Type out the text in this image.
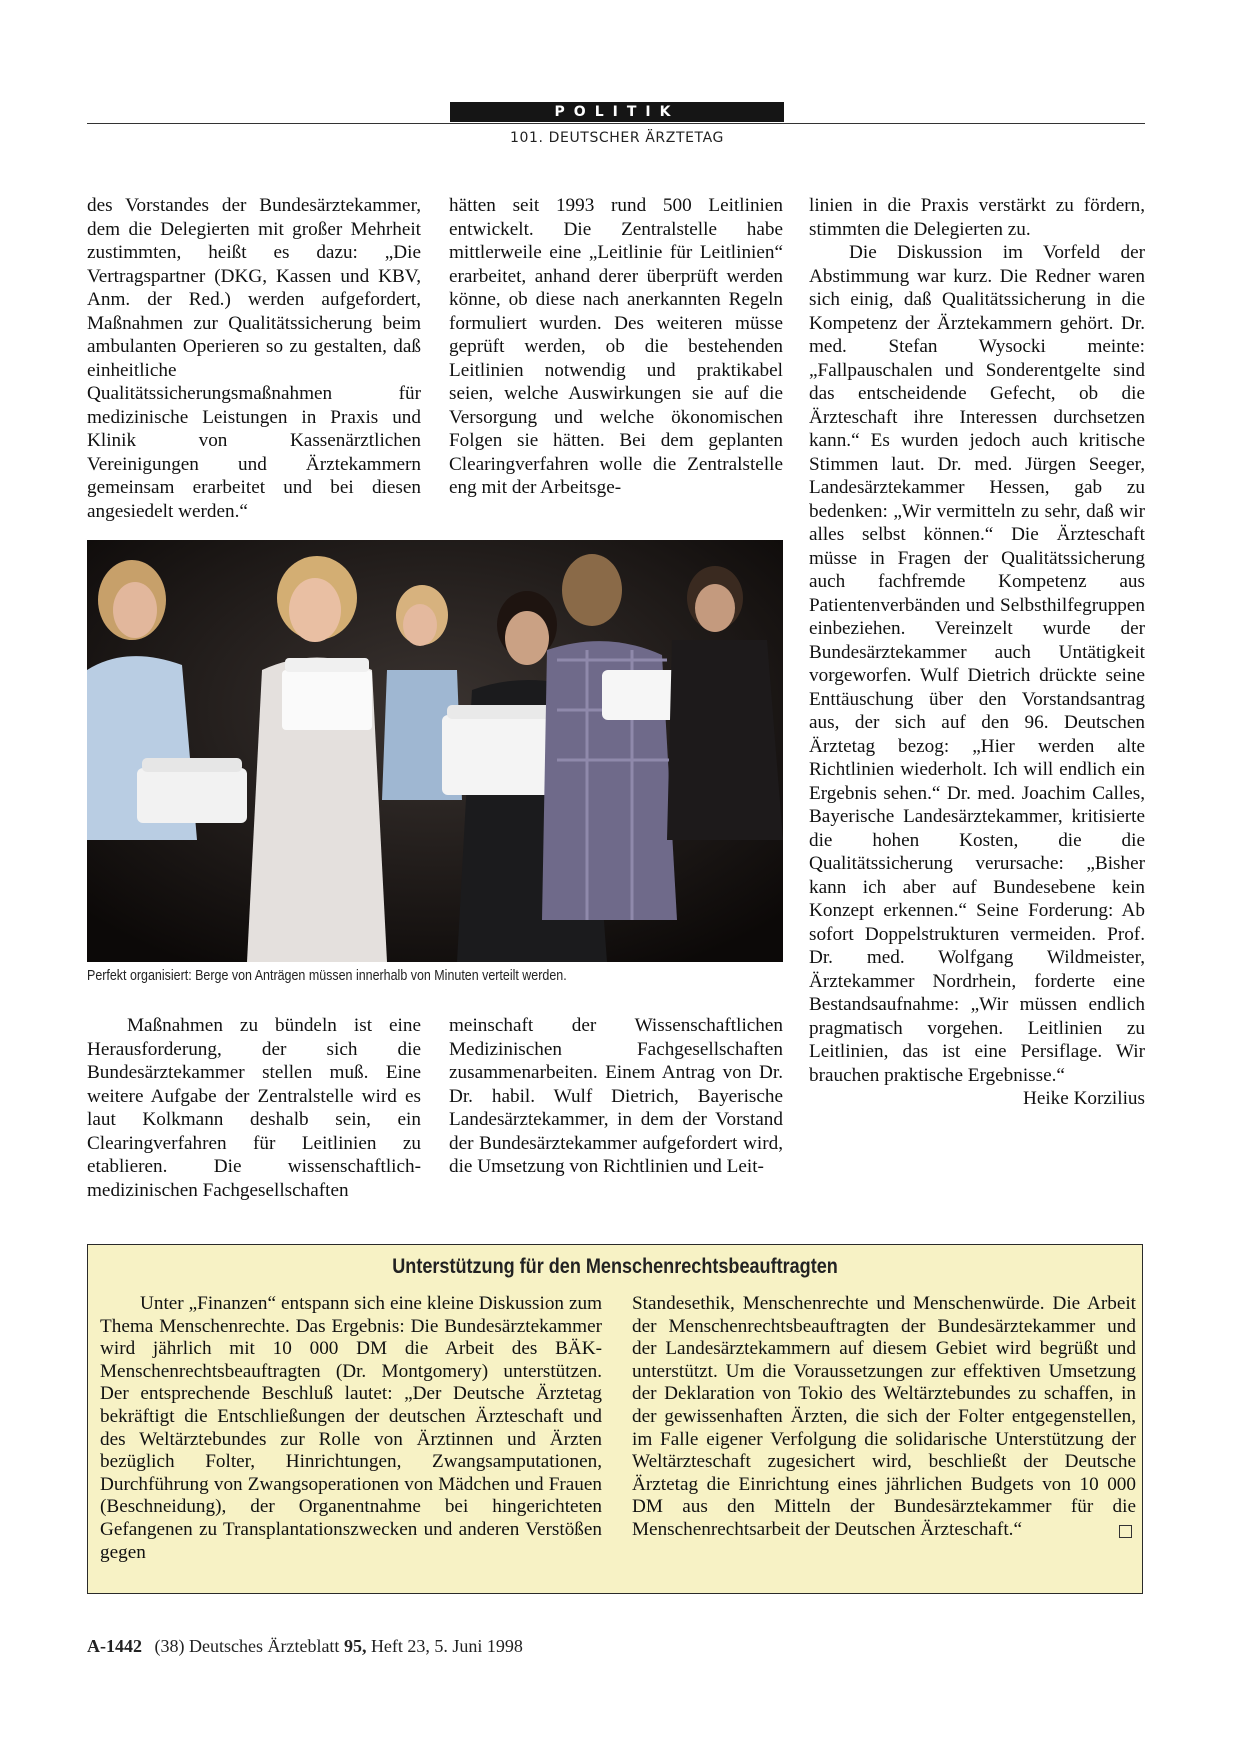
POLITIK
101. DEUTSCHER ÄRZTETAG

des Vorstandes der Bundesärztekammer, dem die Delegierten mit großer Mehrheit zustimmten, heißt es dazu: „Die Vertragspartner (DKG, Kassen und KBV, Anm. der Red.) werden aufgefordert, Maßnahmen zur Qualitätssicherung beim ambulanten Operieren so zu gestalten, daß einheitliche Qualitätssicherungsmaßnahmen für medizinische Leistungen in Praxis und Klinik von Kassenärztlichen Vereinigungen und Ärztekammern gemeinsam erarbeitet und bei diesen angesiedelt werden.“

hätten seit 1993 rund 500 Leitlinien entwickelt. Die Zentralstelle habe mittlerweile eine „Leitlinie für Leitlinien“ erarbeitet, anhand derer überprüft werden könne, ob diese nach anerkannten Regeln formuliert wurden. Des weiteren müsse geprüft werden, ob die bestehenden Leitlinien notwendig und praktikabel seien, welche Auswirkungen sie auf die Versorgung und welche ökonomischen Folgen sie hätten. Bei dem geplanten Clearingverfahren wolle die Zentralstelle eng mit der Arbeitsge-

linien in die Praxis verstärkt zu fördern, stimmten die Delegierten zu.

Die Diskussion im Vorfeld der Abstimmung war kurz. Die Redner waren sich einig, daß Qualitätssicherung in die Kompetenz der Ärztekammern gehört. Dr. med. Stefan Wysocki meinte: „Fallpauschalen und Sonderentgelte sind das entscheidende Gefecht, ob die Ärzteschaft ihre Interessen durchsetzen kann.“ Es wurden jedoch auch kritische Stimmen laut. Dr. med. Jürgen Seeger, Landesärztekammer Hessen, gab zu bedenken: „Wir vermitteln zu sehr, daß wir alles selbst können.“ Die Ärzteschaft müsse in Fragen der Qualitätssicherung auch fachfremde Kompetenz aus Patientenverbänden und Selbsthilfegruppen einbeziehen. Vereinzelt wurde der Bundesärztekammer auch Untätigkeit vorgeworfen. Wulf Dietrich drückte seine Enttäuschung über den Vorstandsantrag aus, der sich auf den 96. Deutschen Ärztetag bezog: „Hier werden alte Richtlinien wiederholt. Ich will endlich ein Ergebnis sehen.“ Dr. med. Joachim Calles, Bayerische Landesärztekammer, kritisierte die hohen Kosten, die die Qualitätssicherung verursache: „Bisher kann ich aber auf Bundesebene kein Konzept erkennen.“ Seine Forderung: Ab sofort Doppelstrukturen vermeiden. Prof. Dr. med. Wolfgang Wildmeister, Ärztekammer Nordrhein, forderte eine Bestandsaufnahme: „Wir müssen endlich pragmatisch vorgehen. Leitlinien zu Leitlinien, das ist eine Persiflage. Wir brauchen praktische Ergebnisse.“
Heike Korzilius

Perfekt organisiert: Berge von Anträgen müssen innerhalb von Minuten verteilt werden.

Maßnahmen zu bündeln ist eine Herausforderung, der sich die Bundesärztekammer stellen muß. Eine weitere Aufgabe der Zentralstelle wird es laut Kolkmann deshalb sein, ein Clearingverfahren für Leitlinien zu etablieren. Die wissenschaftlich-medizinischen Fachgesellschaften

meinschaft der Wissenschaftlichen Medizinischen Fachgesellschaften zusammenarbeiten. Einem Antrag von Dr. Dr. habil. Wulf Dietrich, Bayerische Landesärztekammer, in dem der Vorstand der Bundesärztekammer aufgefordert wird, die Umsetzung von Richtlinien und Leit-

Unterstützung für den Menschenrechtsbeauftragten

Unter „Finanzen“ entspann sich eine kleine Diskussion zum Thema Menschenrechte. Das Ergebnis: Die Bundesärztekammer wird jährlich mit 10 000 DM die Arbeit des BÄK-Menschenrechtsbeauftragten (Dr. Montgomery) unterstützen. Der entsprechende Beschluß lautet: „Der Deutsche Ärztetag bekräftigt die Entschließungen der deutschen Ärzteschaft und des Weltärztebundes zur Rolle von Ärztinnen und Ärzten bezüglich Folter, Hinrichtungen, Zwangsamputationen, Durchführung von Zwangsoperationen von Mädchen und Frauen (Beschneidung), der Organentnahme bei hingerichteten Gefangenen zu Transplantationszwecken und anderen Verstößen gegen

Standesethik, Menschenrechte und Menschenwürde. Die Arbeit der Menschenrechtsbeauftragten der Bundesärztekammer und der Landesärztekammern auf diesem Gebiet wird begrüßt und unterstützt. Um die Voraussetzungen zur effektiven Umsetzung der Deklaration von Tokio des Weltärztebundes zu schaffen, in der gewissenhaften Ärzten, die sich der Folter entgegenstellen, im Falle eigener Verfolgung die solidarische Unterstützung der Weltärzteschaft zugesichert wird, beschließt der Deutsche Ärztetag die Einrichtung eines jährlichen Budgets von 10 000 DM aus den Mitteln der Bundesärztekammer für die Menschenrechtsarbeit der Deutschen Ärzteschaft.“

A-1442 (38) Deutsches Ärzteblatt 95, Heft 23, 5. Juni 1998
